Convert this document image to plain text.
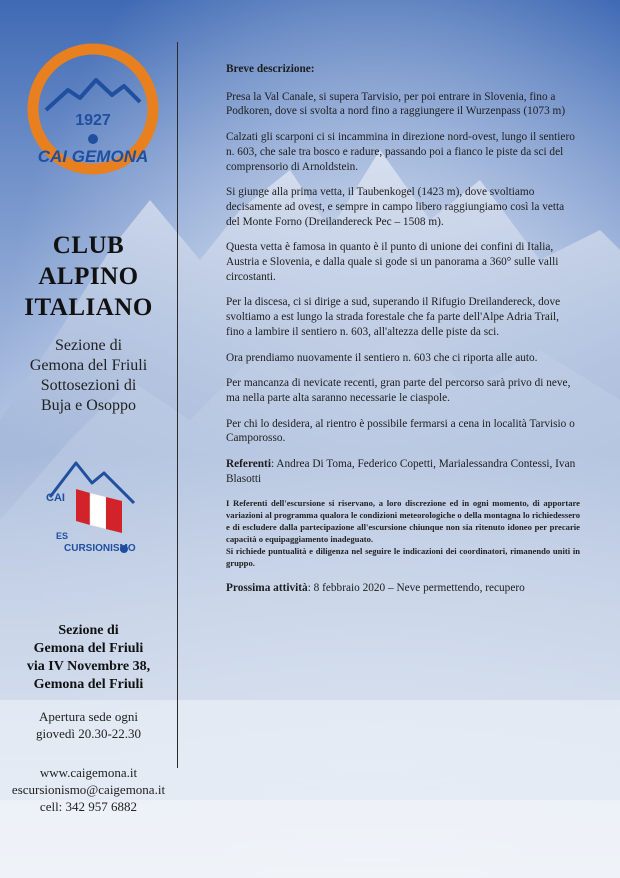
1927
CAI GEMONA
CLUB
ALPINO
ITALIANO
Sezione di
Gemona del Friuli
Sottosezioni di
Buja e Osoppo
CAI
ES
CURSIONISMO
Sezione di
Gemona del Friuli
via IV Novembre 38,
Gemona del Friuli
Apertura sede ogni
giovedì 20.30-22.30
www.caigemona.it
escursionismo@caigemona.it
cell: 342 957 6882

Breve descrizione:

Presa la Val Canale, si supera Tarvisio, per poi entrare in Slovenia, fino a Podkoren, dove si svolta a nord fino a raggiungere il Wurzenpass (1073 m)

Calzati gli scarponi ci si incammina in direzione nord-ovest, lungo il sentiero n. 603, che sale tra bosco e radure, passando poi a fianco le piste da sci del comprensorio di Arnoldstein.

Si giunge alla prima vetta, il Taubenkogel (1423 m), dove svoltiamo decisamente ad ovest, e sempre in campo libero raggiungiamo così la vetta del Monte Forno (Dreilandereck Pec – 1508 m).

Questa vetta è famosa in quanto è il punto di unione dei confini di Italia, Austria e Slovenia, e dalla quale si gode si un panorama a 360° sulle valli circostanti.

Per la discesa, ci si dirige a sud, superando il Rifugio Dreilandereck, dove svoltiamo a est lungo la strada forestale che fa parte dell'Alpe Adria Trail, fino a lambire il sentiero n. 603, all'altezza delle piste da sci.

Ora prendiamo nuovamente il sentiero n. 603 che ci riporta alle auto.

Per mancanza di nevicate recenti, gran parte del percorso sarà privo di neve, ma nella parte alta saranno necessarie le ciaspole.

Per chi lo desidera, al rientro è possibile fermarsi a cena in località Tarvisio o Camporosso.

Referenti: Andrea Di Toma, Federico Copetti, Marialessandra Contessi, Ivan Blasotti

I Referenti dell'escursione si riservano, a loro discrezione ed in ogni momento, di apportare variazioni al programma qualora le condizioni meteorologiche o della montagna lo richiedessero e di escludere dalla partecipazione all'escursione chiunque non sia ritenuto idoneo per precarie capacità o equipaggiamento inadeguato.
Si richiede puntualità e diligenza nel seguire le indicazioni dei coordinatori, rimanendo uniti in gruppo.

Prossima attività: 8 febbraio 2020 – Neve permettendo, recupero
